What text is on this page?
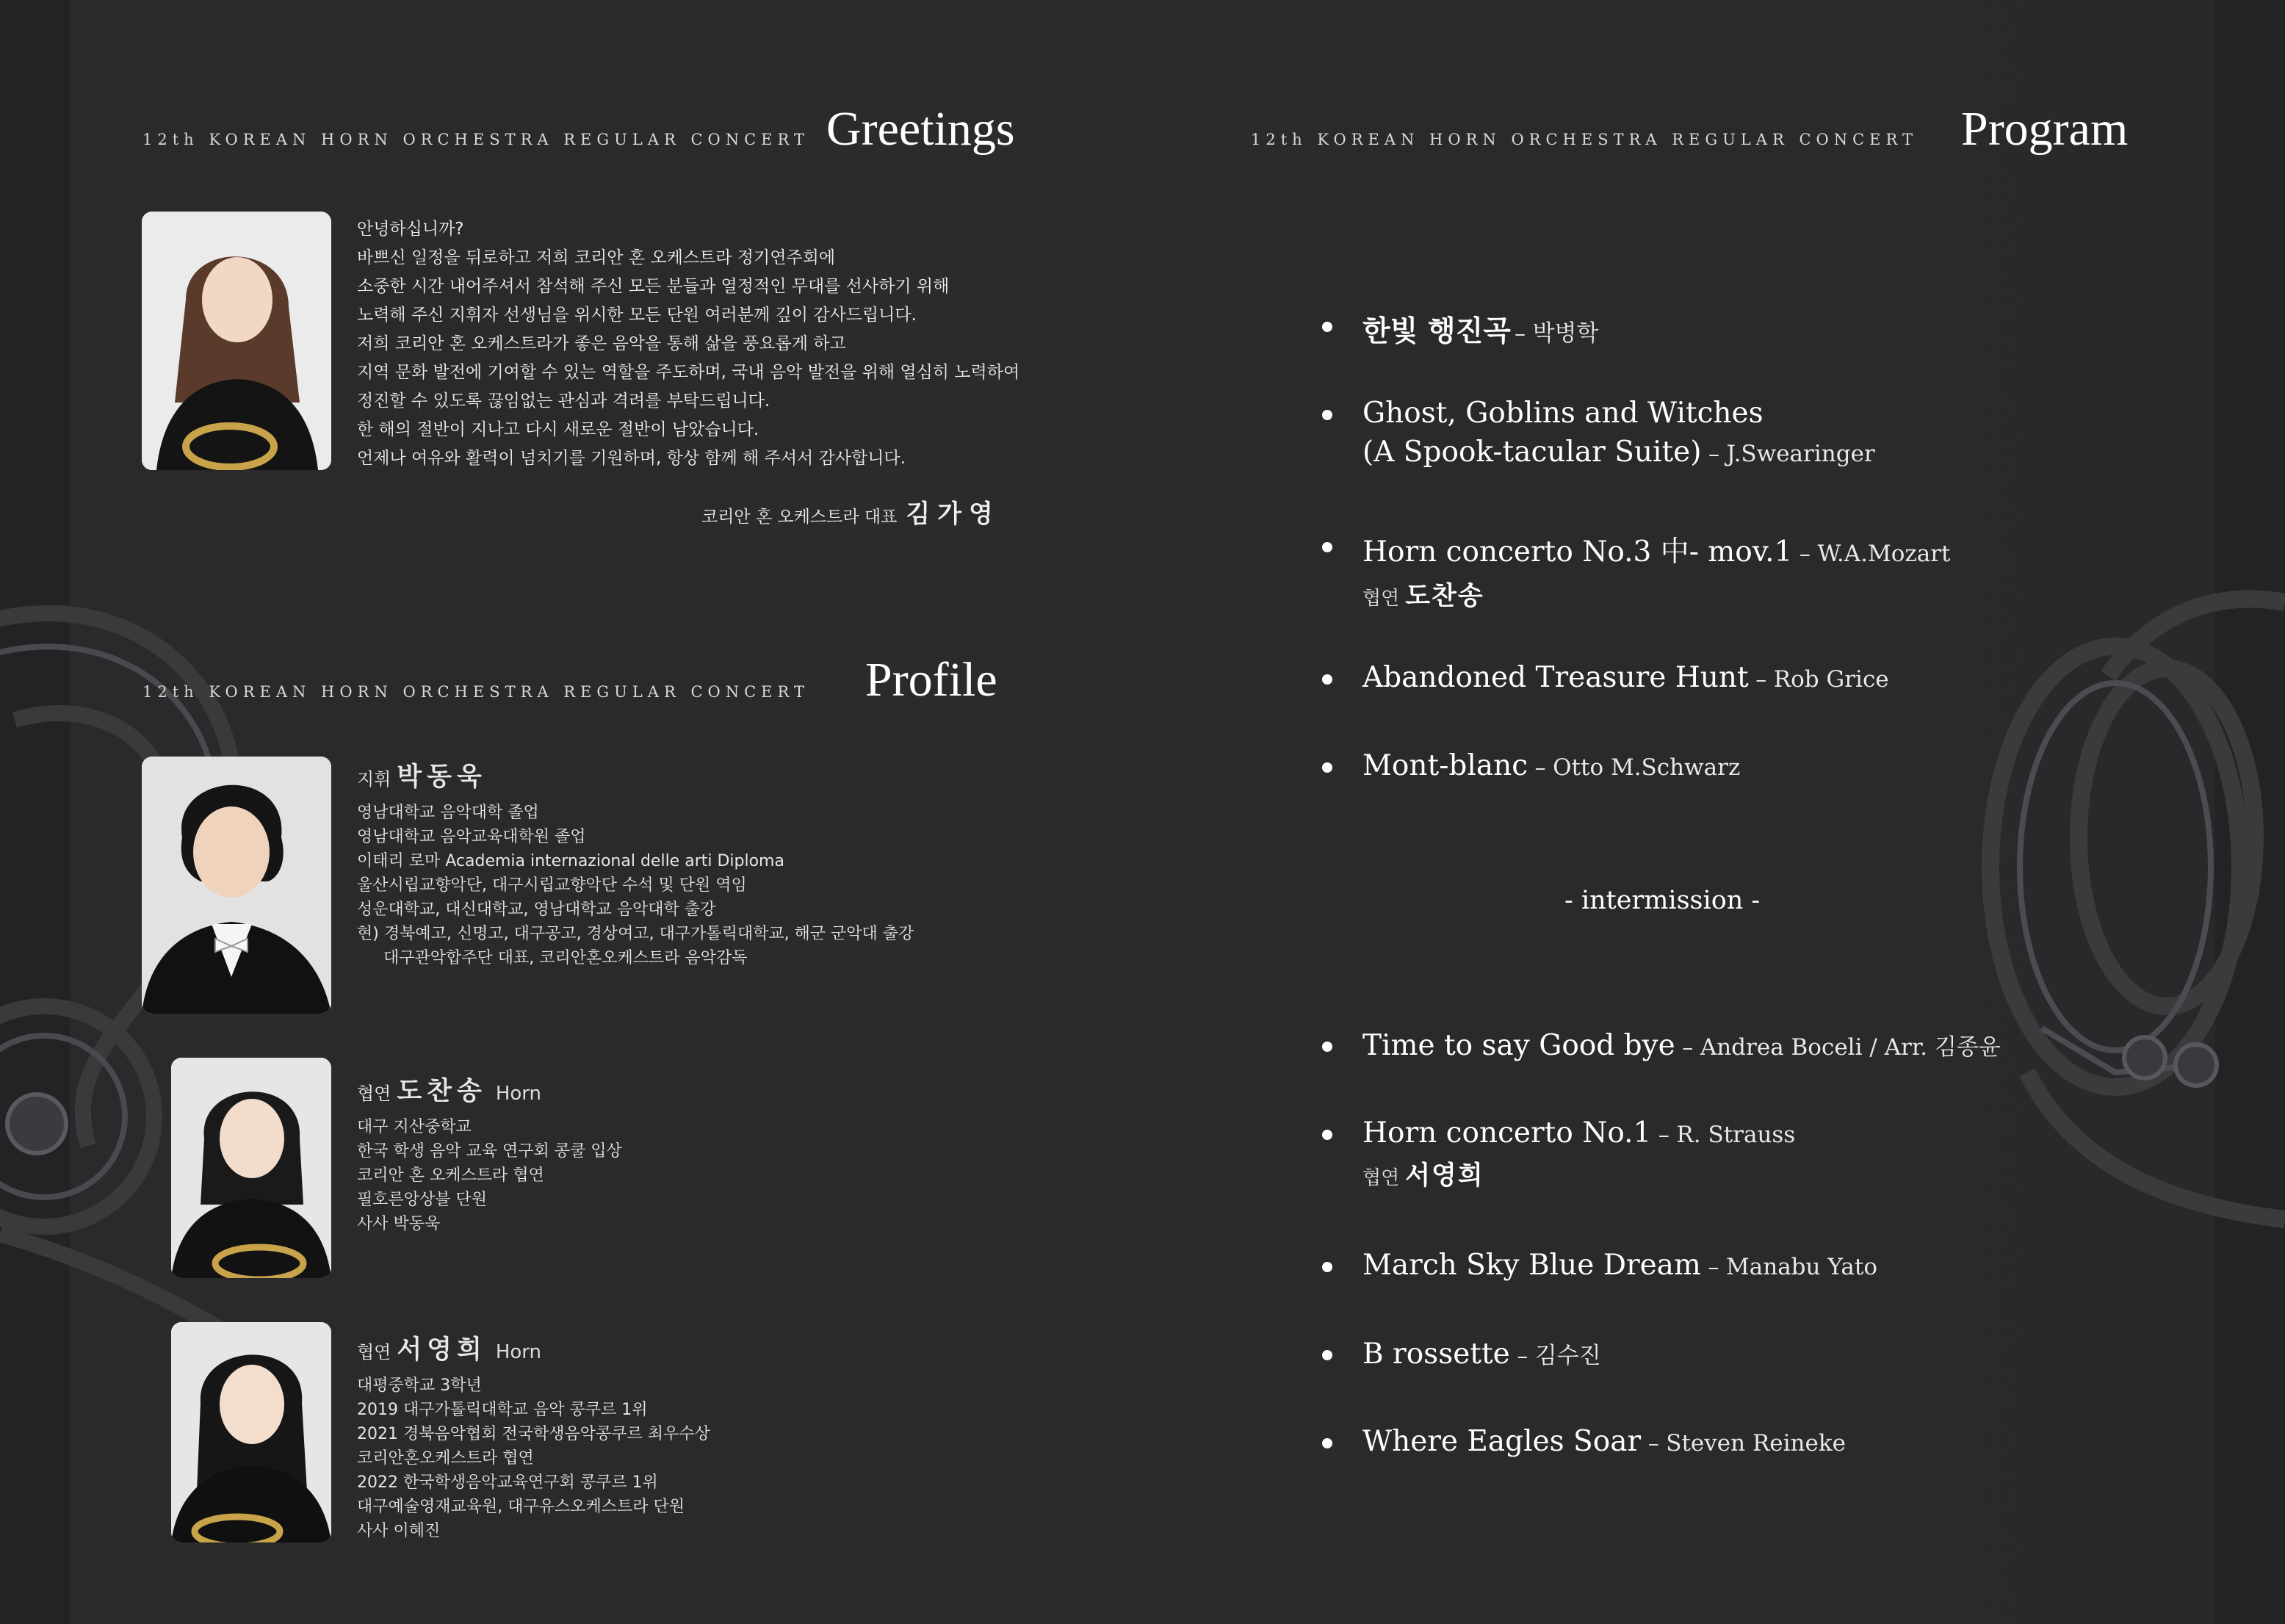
12th KOREAN HORN ORCHESTRA REGULAR CONCERT Greetings
안녕하십니까?
바쁘신 일정을 뒤로하고 저희 코리안 혼 오케스트라 정기연주회에
소중한 시간 내어주셔서 참석해 주신 모든 분들과 열정적인 무대를 선사하기 위해
노력해 주신 지휘자 선생님을 위시한 모든 단원 여러분께 깊이 감사드립니다.
저희 코리안 혼 오케스트라가 좋은 음악을 통해 삶을 풍요롭게 하고
지역 문화 발전에 기여할 수 있는 역할을 주도하며, 국내 음악 발전을 위해 열심히 노력하여
정진할 수 있도록 끊임없는 관심과 격려를 부탁드립니다.
한 해의 절반이 지나고 다시 새로운 절반이 남았습니다.
언제나 여유와 활력이 넘치기를 기원하며, 항상 함께 해 주셔서 감사합니다.
코리안 혼 오케스트라 대표 김가영
12th KOREAN HORN ORCHESTRA REGULAR CONCERT Profile
지휘 박동욱
영남대학교 음악대학 졸업
영남대학교 음악교육대학원 졸업
이태리 로마 Academia internazional delle arti Diploma
울산시립교향악단, 대구시립교향악단 수석 및 단원 역임
성운대학교, 대신대학교, 영남대학교 음악대학 출강
현) 경북예고, 신명고, 대구공고, 경상여고, 대구가톨릭대학교, 해군 군악대 출강
대구관악합주단 대표, 코리안혼오케스트라 음악감독
협연 도찬송 Horn
대구 지산중학교
한국 학생 음악 교육 연구회 콩쿨 입상
코리안 혼 오케스트라 협연
필호른앙상블 단원
사사 박동욱
협연 서영희 Horn
대평중학교 3학년
2019 대구가톨릭대학교 음악 콩쿠르 1위
2021 경북음악협회 전국학생음악콩쿠르 최우수상
코리안혼오케스트라 협연
2022 한국학생음악교육연구회 콩쿠르 1위
대구예술영재교육원, 대구유스오케스트라 단원
사사 이혜진
12th KOREAN HORN ORCHESTRA REGULAR CONCERT Program
한빛 행진곡 – 박병학
Ghost, Goblins and Witches
(A Spook-tacular Suite) – J.Swearinger
Horn concerto No.3 中- mov.1 – W.A.Mozart
협연 도찬송
Abandoned Treasure Hunt – Rob Grice
Mont-blanc – Otto M.Schwarz
Time to say Good bye – Andrea Boceli / Arr. 김종윤
Horn concerto No.1 – R. Strauss
협연 서영희
March Sky Blue Dream – Manabu Yato
B rossette – 김수진
Where Eagles Soar – Steven Reineke
- intermission -
